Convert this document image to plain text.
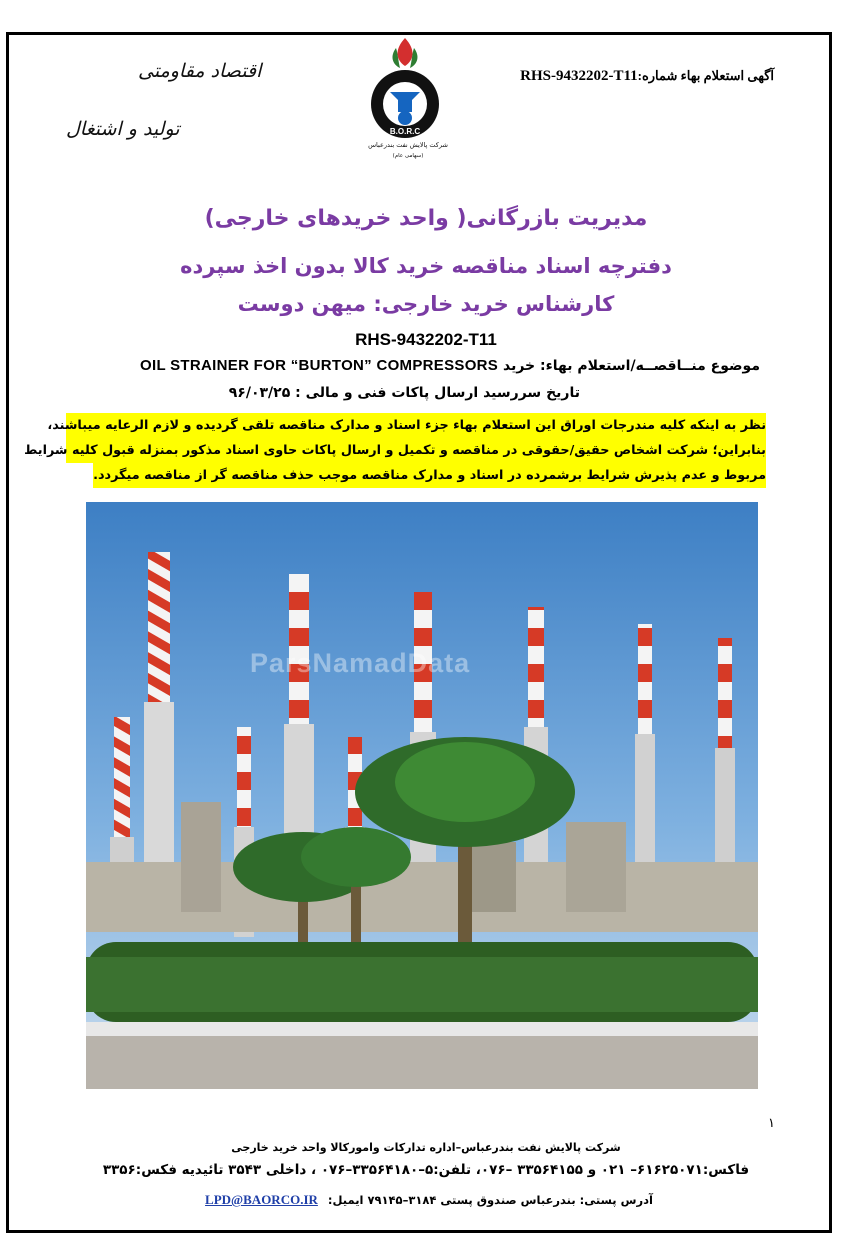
آگهی استعلام بهاء شماره:RHS-9432202-T11
اقتصاد مقاومتی
تولید و اشتغال	B.O.R.C
شرکت پالایش نفت بندرعباس
(سهامی عام)
مدیریت بازرگانی( واحد خریدهای خارجی)
دفترچه اسناد مناقصه خرید کالا بدون اخذ سپرده
کارشناس خرید خارجی: میهن دوست
RHS-9432202-T11
موضوع منــاقصــه/استعلام بهاء: خرید OIL STRAINER FOR “BURTON” COMPRESSORS
تاریخ سررسید ارسال پاکات فنی و مالی : ۹۶/۰۳/۲۵
نظر به اینکه کلیه مندرجات اوراق این استعلام بهاء جزء اسناد و مدارک مناقصه تلقی گردیده و لازم الرعایه میباشند،
بنابراین؛ شرکت اشخاص حقیق/حقوقی در مناقصه و تکمیل و ارسال پاکات حاوی اسناد مذکور بمنزله قبول کلیه شرایط
مربوط و عدم پذیرش شرایط برشمرده در اسناد و مدارک مناقصه موجب حذف مناقصه گر از مناقصه میگردد.
ParsNamadData
۱
شرکت پالایش نفت بندرعباس–اداره تدارکات وامورکالا واحد خرید خارجی
فاکس:۶۱۶۲۵۰۷۱– ۰۲۱ و ۳۳۵۶۴۱۵۵ –۰۷۶، تلفن:۵–۳۳۵۶۴۱۸۰–۰۷۶ ، داخلی ۳۵۴۳ تائیدیه فکس:۳۳۵۶
آدرس پستی: بندرعباس صندوق پستی ۳۱۸۴–۷۹۱۴۵ ایمیل: LPD@BAORCO.IR
